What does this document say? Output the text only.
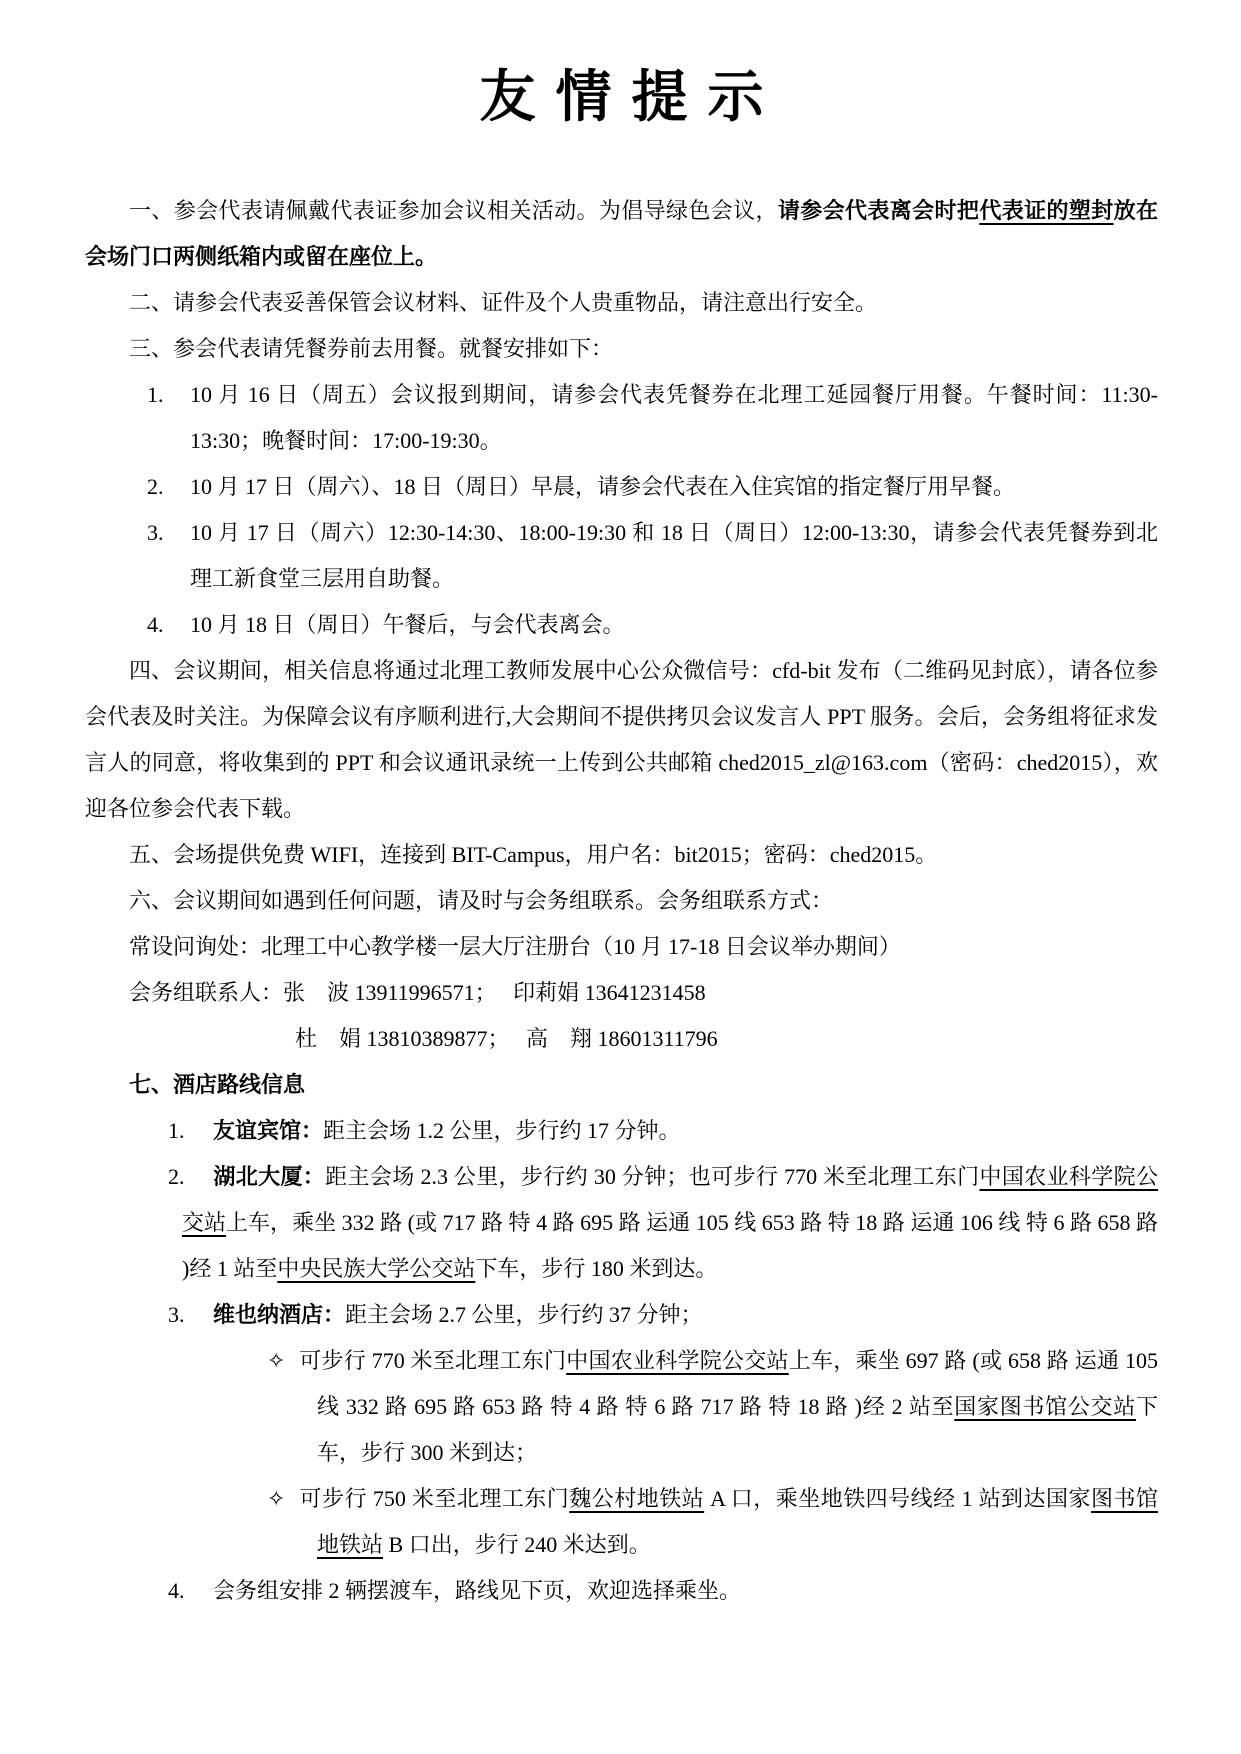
友情提示

一、参会代表请佩戴代表证参加会议相关活动。为倡导绿色会议，请参会代表离会时把代表证的塑封放在会场门口两侧纸箱内或留在座位上。

二、请参会代表妥善保管会议材料、证件及个人贵重物品，请注意出行安全。

三、参会代表请凭餐券前去用餐。就餐安排如下：

1. 10 月 16 日（周五）会议报到期间，请参会代表凭餐券在北理工延园餐厅用餐。午餐时间：11:30-13:30；晚餐时间：17:00-19:30。

2. 10 月 17 日（周六）、18 日（周日）早晨，请参会代表在入住宾馆的指定餐厅用早餐。

3. 10 月 17 日（周六）12:30-14:30、18:00-19:30 和 18 日（周日）12:00-13:30，请参会代表凭餐券到北理工新食堂三层用自助餐。

4. 10 月 18 日（周日）午餐后，与会代表离会。

四、会议期间，相关信息将通过北理工教师发展中心公众微信号：cfd-bit 发布（二维码见封底），请各位参会代表及时关注。为保障会议有序顺利进行,大会期间不提供拷贝会议发言人 PPT 服务。会后，会务组将征求发言人的同意，将收集到的 PPT 和会议通讯录统一上传到公共邮箱 ched2015_zl@163.com（密码：ched2015），欢迎各位参会代表下载。

五、会场提供免费 WIFI，连接到 BIT-Campus，用户名：bit2015；密码：ched2015。

六、会议期间如遇到任何问题，请及时与会务组联系。会务组联系方式：

常设问询处：北理工中心教学楼一层大厅注册台（10 月 17-18 日会议举办期间）

会务组联系人：张　波 13911996571；　 印莉娟 13641231458

杜　娟 13810389877；　 高　翔 18601311796

七、酒店路线信息

1. 友谊宾馆：距主会场 1.2 公里，步行约 17 分钟。

2. 湖北大厦：距主会场 2.3 公里，步行约 30 分钟；也可步行 770 米至北理工东门中国农业科学院公交站上车，乘坐 332 路 (或 717 路 特 4 路 695 路 运通 105 线 653 路 特 18 路 运通 106 线 特 6 路 658 路 )经 1 站至中央民族大学公交站下车，步行 180 米到达。

3. 维也纳酒店：距主会场 2.7 公里，步行约 37 分钟；

✧ 可步行 770 米至北理工东门中国农业科学院公交站上车，乘坐 697 路 (或 658 路 运通 105 线 332 路 695 路 653 路 特 4 路 特 6 路 717 路 特 18 路 )经 2 站至国家图书馆公交站下车，步行 300 米到达；

✧ 可步行 750 米至北理工东门魏公村地铁站 A 口，乘坐地铁四号线经 1 站到达国家图书馆地铁站 B 口出，步行 240 米达到。

4. 会务组安排 2 辆摆渡车，路线见下页，欢迎选择乘坐。
